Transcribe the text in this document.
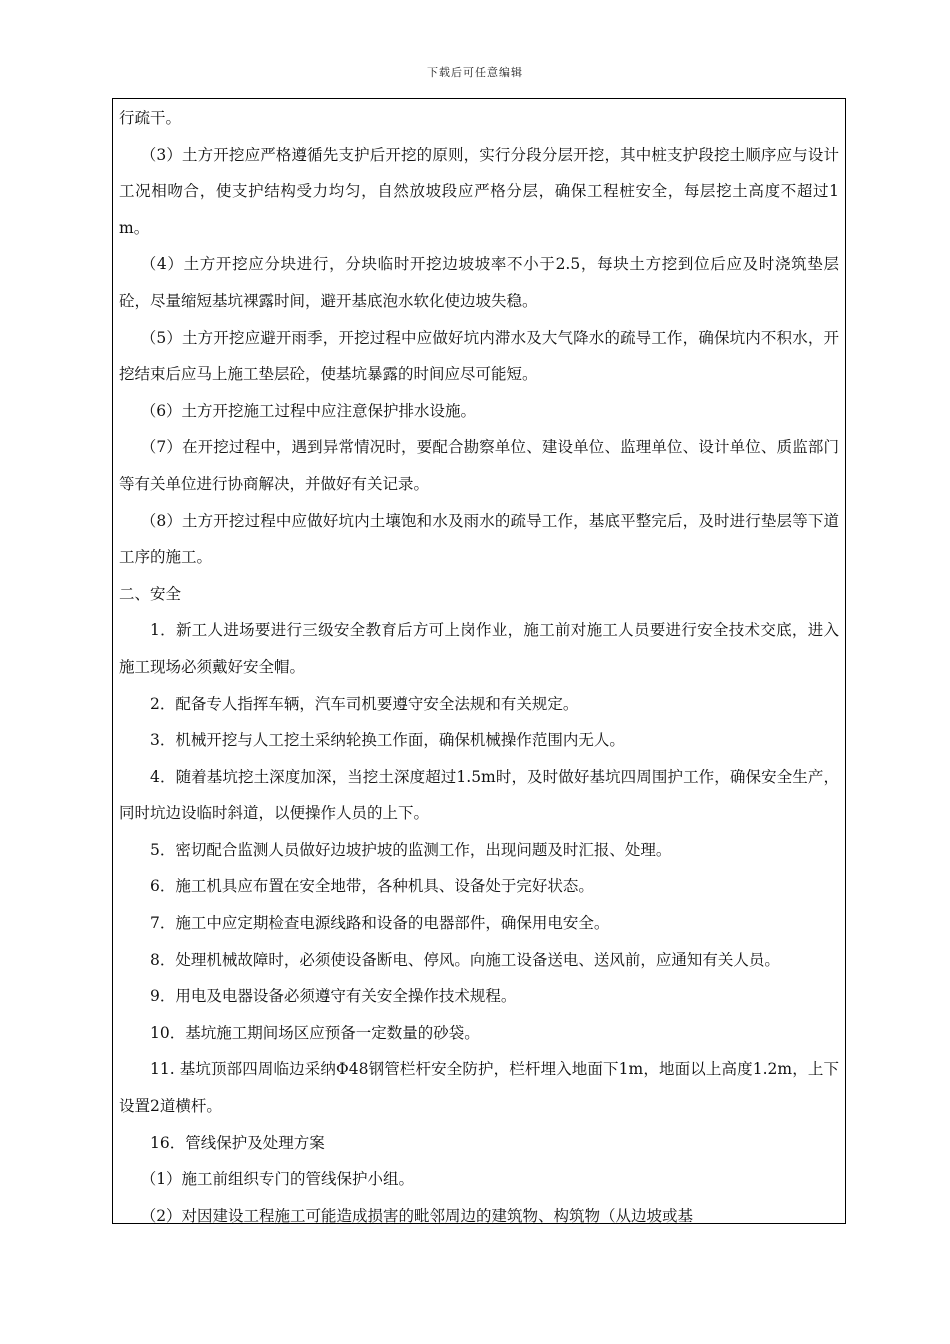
下载后可任意编辑

行疏干。

（3）土方开挖应严格遵循先支护后开挖的原则，实行分段分层开挖，其中桩支护段挖土顺序应与设计工况相吻合，使支护结构受力均匀，自然放坡段应严格分层，确保工程桩安全，每层挖土高度不超过1m。

（4）土方开挖应分块进行，分块临时开挖边坡坡率不小于2.5，每块土方挖到位后应及时浇筑垫层砼，尽量缩短基坑裸露时间，避开基底泡水软化使边坡失稳。

（5）土方开挖应避开雨季，开挖过程中应做好坑内滞水及大气降水的疏导工作，确保坑内不积水，开挖结束后应马上施工垫层砼，使基坑暴露的时间应尽可能短。

（6）土方开挖施工过程中应注意保护排水设施。

（7）在开挖过程中，遇到异常情况时，要配合勘察单位、建设单位、监理单位、设计单位、质监部门等有关单位进行协商解决，并做好有关记录。

（8）土方开挖过程中应做好坑内土壤饱和水及雨水的疏导工作，基底平整完后，及时进行垫层等下道工序的施工。

二、安全

1．新工人进场要进行三级安全教育后方可上岗作业，施工前对施工人员要进行安全技术交底，进入施工现场必须戴好安全帽。

2．配备专人指挥车辆，汽车司机要遵守安全法规和有关规定。

3．机械开挖与人工挖土采纳轮换工作面，确保机械操作范围内无人。

4．随着基坑挖土深度加深，当挖土深度超过1.5m时，及时做好基坑四周围护工作，确保安全生产，同时坑边设临时斜道，以便操作人员的上下。

5．密切配合监测人员做好边坡护坡的监测工作，出现问题及时汇报、处理。

6．施工机具应布置在安全地带，各种机具、设备处于完好状态。

7．施工中应定期检查电源线路和设备的电器部件，确保用电安全。

8．处理机械故障时，必须使设备断电、停风。向施工设备送电、送风前，应通知有关人员。

9．用电及电器设备必须遵守有关安全操作技术规程。

10．基坑施工期间场区应预备一定数量的砂袋。

11. 基坑顶部四周临边采纳Φ48钢管栏杆安全防护，栏杆埋入地面下1m，地面以上高度1.2m，上下设置2道横杆。

16．管线保护及处理方案

（1）施工前组织专门的管线保护小组。

（2）对因建设工程施工可能造成损害的毗邻周边的建筑物、构筑物（从边坡或基
